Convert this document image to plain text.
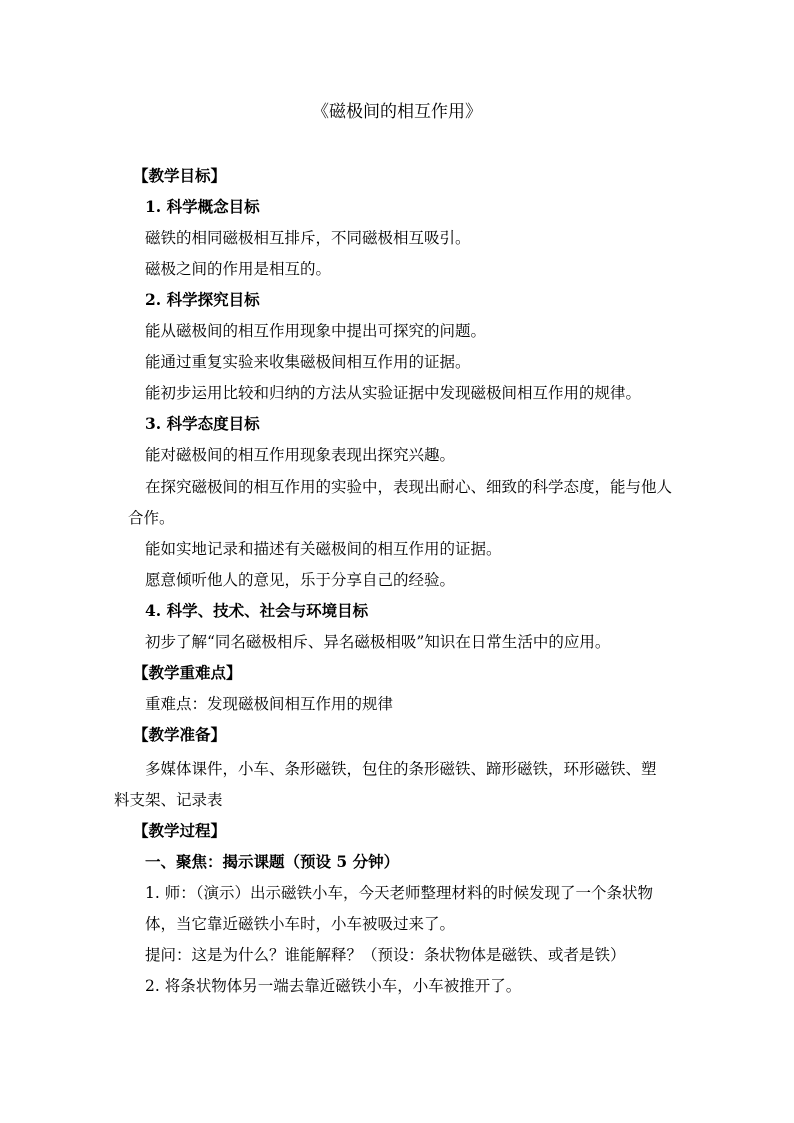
《磁极间的相互作用》
【教学目标】
1. 科学概念目标
磁铁的相同磁极相互排斥，不同磁极相互吸引。
磁极之间的作用是相互的。
2. 科学探究目标
能从磁极间的相互作用现象中提出可探究的问题。
能通过重复实验来收集磁极间相互作用的证据。
能初步运用比较和归纳的方法从实验证据中发现磁极间相互作用的规律。
3. 科学态度目标
能对磁极间的相互作用现象表现出探究兴趣。
在探究磁极间的相互作用的实验中，表现出耐心、细致的科学态度，能与他人
合作。
能如实地记录和描述有关磁极间的相互作用的证据。
愿意倾听他人的意见，乐于分享自己的经验。
4. 科学、技术、社会与环境目标
初步了解“同名磁极相斥、异名磁极相吸”知识在日常生活中的应用。
【教学重难点】
重难点：发现磁极间相互作用的规律
【教学准备】
多媒体课件，小车、条形磁铁，包住的条形磁铁、蹄形磁铁，环形磁铁、塑
料支架、记录表
【教学过程】
一、聚焦：揭示课题（预设 5 分钟）
1. 师：（演示）出示磁铁小车，今天老师整理材料的时候发现了一个条状物
体，当它靠近磁铁小车时，小车被吸过来了。
提问：这是为什么？谁能解释？（预设：条状物体是磁铁、或者是铁）
2. 将条状物体另一端去靠近磁铁小车，小车被推开了。
